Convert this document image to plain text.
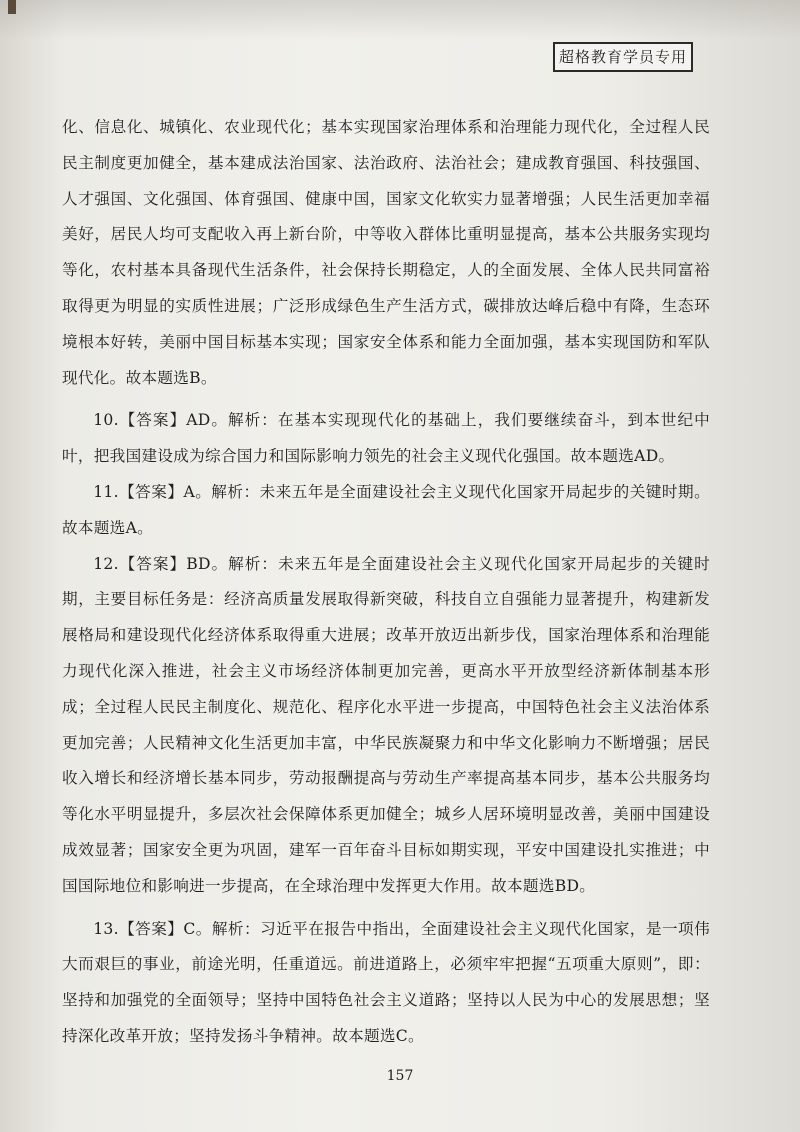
超格教育学员专用

化、信息化、城镇化、农业现代化；基本实现国家治理体系和治理能力现代化，全过程人民民主制度更加健全，基本建成法治国家、法治政府、法治社会；建成教育强国、科技强国、人才强国、文化强国、体育强国、健康中国，国家文化软实力显著增强；人民生活更加幸福美好，居民人均可支配收入再上新台阶，中等收入群体比重明显提高，基本公共服务实现均等化，农村基本具备现代生活条件，社会保持长期稳定，人的全面发展、全体人民共同富裕取得更为明显的实质性进展；广泛形成绿色生产生活方式，碳排放达峰后稳中有降，生态环境根本好转，美丽中国目标基本实现；国家安全体系和能力全面加强，基本实现国防和军队现代化。故本题选B。

10.【答案】AD。解析：在基本实现现代化的基础上，我们要继续奋斗，到本世纪中叶，把我国建设成为综合国力和国际影响力领先的社会主义现代化强国。故本题选AD。

11.【答案】A。解析：未来五年是全面建设社会主义现代化国家开局起步的关键时期。故本题选A。

12.【答案】BD。解析：未来五年是全面建设社会主义现代化国家开局起步的关键时期，主要目标任务是：经济高质量发展取得新突破，科技自立自强能力显著提升，构建新发展格局和建设现代化经济体系取得重大进展；改革开放迈出新步伐，国家治理体系和治理能力现代化深入推进，社会主义市场经济体制更加完善，更高水平开放型经济新体制基本形成；全过程人民民主制度化、规范化、程序化水平进一步提高，中国特色社会主义法治体系更加完善；人民精神文化生活更加丰富，中华民族凝聚力和中华文化影响力不断增强；居民收入增长和经济增长基本同步，劳动报酬提高与劳动生产率提高基本同步，基本公共服务均等化水平明显提升，多层次社会保障体系更加健全；城乡人居环境明显改善，美丽中国建设成效显著；国家安全更为巩固，建军一百年奋斗目标如期实现，平安中国建设扎实推进；中国国际地位和影响进一步提高，在全球治理中发挥更大作用。故本题选BD。

13.【答案】C。解析：习近平在报告中指出，全面建设社会主义现代化国家，是一项伟大而艰巨的事业，前途光明，任重道远。前进道路上，必须牢牢把握“五项重大原则”，即：坚持和加强党的全面领导；坚持中国特色社会主义道路；坚持以人民为中心的发展思想；坚持深化改革开放；坚持发扬斗争精神。故本题选C。

157
